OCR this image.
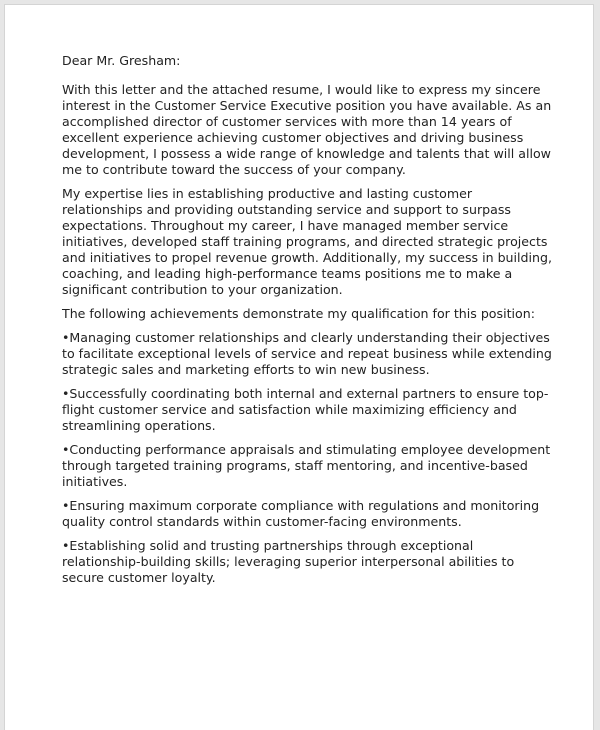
Dear Mr. Gresham:

With this letter and the attached resume, I would like to express my sincere interest in the Customer Service Executive position you have available. As an accomplished director of customer services with more than 14 years of excellent experience achieving customer objectives and driving business development, I possess a wide range of knowledge and talents that will allow me to contribute toward the success of your company.

My expertise lies in establishing productive and lasting customer relationships and providing outstanding service and support to surpass expectations. Throughout my career, I have managed member service initiatives, developed staff training programs, and directed strategic projects and initiatives to propel revenue growth. Additionally, my success in building, coaching, and leading high-performance teams positions me to make a significant contribution to your organization.

The following achievements demonstrate my qualification for this position:

•Managing customer relationships and clearly understanding their objectives to facilitate exceptional levels of service and repeat business while extending strategic sales and marketing efforts to win new business.

•Successfully coordinating both internal and external partners to ensure top-flight customer service and satisfaction while maximizing efficiency and streamlining operations.

•Conducting performance appraisals and stimulating employee development through targeted training programs, staff mentoring, and incentive-based initiatives.

•Ensuring maximum corporate compliance with regulations and monitoring quality control standards within customer-facing environments.

•Establishing solid and trusting partnerships through exceptional relationship-building skills; leveraging superior interpersonal abilities to secure customer loyalty.
